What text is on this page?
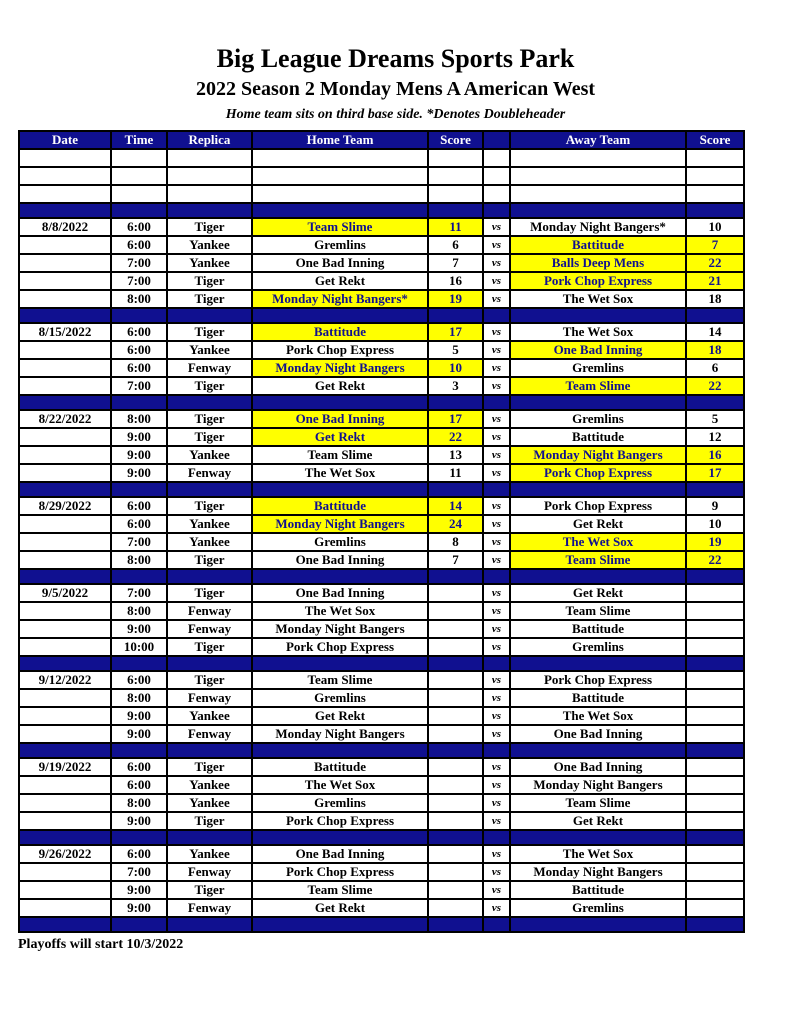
Big League Dreams Sports Park
2022 Season 2 Monday Mens A American West
Home team sits on third base side. *Denotes Doubleheader
Date	Time	Replica	Home Team	Score		Away Team	Score

8/8/2022	6:00	Tiger	Team Slime	11	vs	Monday Night Bangers*	10
	6:00	Yankee	Gremlins	6	vs	Battitude	7
	7:00	Yankee	One Bad Inning	7	vs	Balls Deep Mens	22
	7:00	Tiger	Get Rekt	16	vs	Pork Chop Express	21
	8:00	Tiger	Monday Night Bangers*	19	vs	The Wet Sox	18

8/15/2022	6:00	Tiger	Battitude	17	vs	The Wet Sox	14
	6:00	Yankee	Pork Chop Express	5	vs	One Bad Inning	18
	6:00	Fenway	Monday Night Bangers	10	vs	Gremlins	6
	7:00	Tiger	Get Rekt	3	vs	Team Slime	22

8/22/2022	8:00	Tiger	One Bad Inning	17	vs	Gremlins	5
	9:00	Tiger	Get Rekt	22	vs	Battitude	12
	9:00	Yankee	Team Slime	13	vs	Monday Night Bangers	16
	9:00	Fenway	The Wet Sox	11	vs	Pork Chop Express	17

8/29/2022	6:00	Tiger	Battitude	14	vs	Pork Chop Express	9
	6:00	Yankee	Monday Night Bangers	24	vs	Get Rekt	10
	7:00	Yankee	Gremlins	8	vs	The Wet Sox	19
	8:00	Tiger	One Bad Inning	7	vs	Team Slime	22

9/5/2022	7:00	Tiger	One Bad Inning		vs	Get Rekt	
	8:00	Fenway	The Wet Sox		vs	Team Slime	
	9:00	Fenway	Monday Night Bangers		vs	Battitude	
	10:00	Tiger	Pork Chop Express		vs	Gremlins	

9/12/2022	6:00	Tiger	Team Slime		vs	Pork Chop Express	
	8:00	Fenway	Gremlins		vs	Battitude	
	9:00	Yankee	Get Rekt		vs	The Wet Sox	
	9:00	Fenway	Monday Night Bangers		vs	One Bad Inning	

9/19/2022	6:00	Tiger	Battitude		vs	One Bad Inning	
	6:00	Yankee	The Wet Sox		vs	Monday Night Bangers	
	8:00	Yankee	Gremlins		vs	Team Slime	
	9:00	Tiger	Pork Chop Express		vs	Get Rekt	

9/26/2022	6:00	Yankee	One Bad Inning		vs	The Wet Sox	
	7:00	Fenway	Pork Chop Express		vs	Monday Night Bangers	
	9:00	Tiger	Team Slime		vs	Battitude	
	9:00	Fenway	Get Rekt		vs	Gremlins	

Playoffs will start 10/3/2022
